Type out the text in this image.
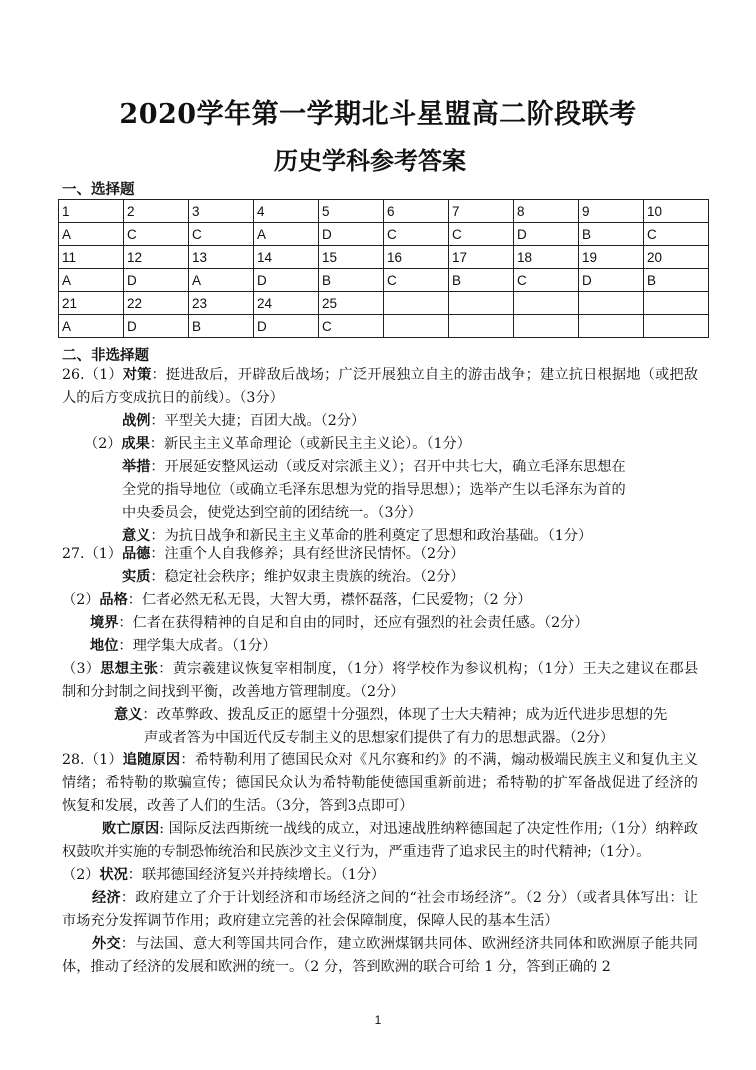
2020学年第一学期北斗星盟高二阶段联考
历史学科参考答案
一、选择题
1	2	3	4	5	6	7	8	9	10
A	C	C	A	D	C	C	D	B	C
11	12	13	14	15	16	17	18	19	20
A	D	A	D	B	C	B	C	D	B
21	22	23	24	25					
A	D	B	D	C					
二、非选择题

26.（1）对策：挺进敌后，开辟敌后战场；广泛开展独立自主的游击战争；建立抗日根据地（或把敌人的后方变成抗日的前线）。（3分）

战例：平型关大捷；百团大战。（2分）

（2）成果：新民主主义革命理论（或新民主主义论）。（1分）

举措：开展延安整风运动（或反对宗派主义）；召开中共七大，确立毛泽东思想在

全党的指导地位（或确立毛泽东思想为党的指导思想）；选举产生以毛泽东为首的

中央委员会，使党达到空前的团结统一。（3分）

意义：为抗日战争和新民主主义革命的胜利奠定了思想和政治基础。（1分）

27.（1）品德：注重个人自我修养；具有经世济民情怀。（2分）

实质：稳定社会秩序；维护奴隶主贵族的统治。（2分）

（2）品格：仁者必然无私无畏，大智大勇，襟怀磊落，仁民爱物；（2 分）

境界：仁者在获得精神的自足和自由的同时，还应有强烈的社会责任感。（2分）

地位：理学集大成者。（1分）

（3）思想主张：黄宗羲建议恢复宰相制度，（1分）将学校作为参议机构；（1分）王夫之建议在郡县制和分封制之间找到平衡，改善地方管理制度。（2分）

意义：改革弊政、拨乱反正的愿望十分强烈，体现了士大夫精神；成为近代进步思想的先

声或者答为中国近代反专制主义的思想家们提供了有力的思想武器。（2分）

28.（1）追随原因：希特勒利用了德国民众对《凡尔赛和约》的不满，煽动极端民族主义和复仇主义情绪；希特勒的欺骗宣传；德国民众认为希特勒能使德国重新前进；希特勒的扩军备战促进了经济的恢复和发展，改善了人们的生活。（3分，答到3点即可）

败亡原因: 国际反法西斯统一战线的成立，对迅速战胜纳粹德国起了决定性作用;（1分）纳粹政权鼓吹并实施的专制恐怖统治和民族沙文主义行为，严重违背了追求民主的时代精神;（1分）。

（2）状况：联邦德国经济复兴并持续增长。（1分）

经济：政府建立了介于计划经济和市场经济之间的“社会市场经济”。（2 分）（或者具体写出：让市场充分发挥调节作用；政府建立完善的社会保障制度，保障人民的基本生活）

外交：与法国、意大利等国共同合作，建立欧洲煤钢共同体、欧洲经济共同体和欧洲原子能共同体，推动了经济的发展和欧洲的统一。（2 分，答到欧洲的联合可给 1 分，答到正确的 2

1
